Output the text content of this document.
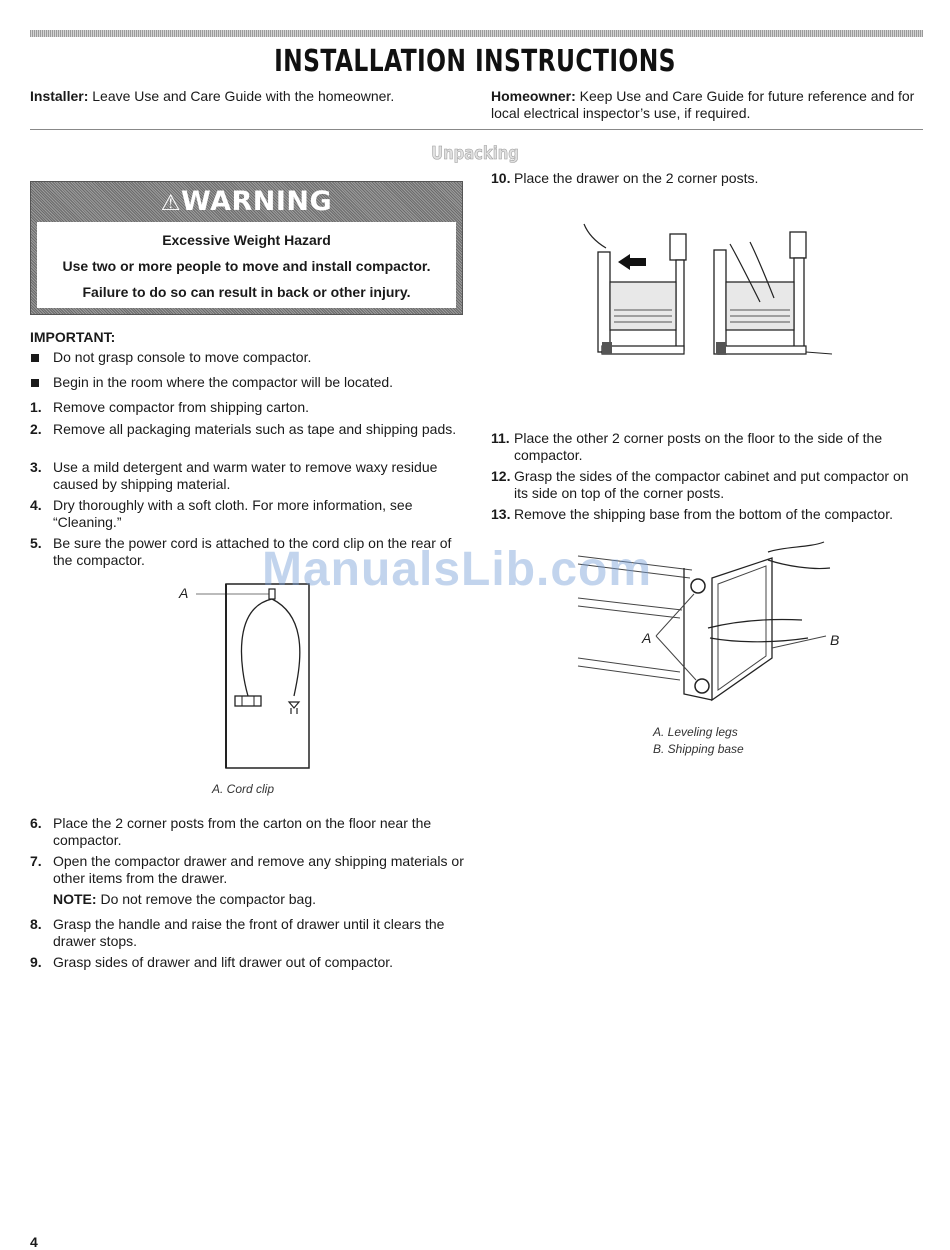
INSTALLATION INSTRUCTIONS
Installer: Leave Use and Care Guide with the homeowner.	Homeowner: Keep Use and Care Guide for future reference and for local electrical inspector’s use, if required.
Unpacking
⚠WARNING
Excessive Weight Hazard
Use two or more people to move and install compactor.
Failure to do so can result in back or other injury.
IMPORTANT:
Do not grasp console to move compactor.
Begin in the room where the compactor will be located.
1. Remove compactor from shipping carton.
2. Remove all packaging materials such as tape and shipping pads.
3. Use a mild detergent and warm water to remove waxy residue caused by shipping material.
4. Dry thoroughly with a soft cloth. For more information, see “Cleaning.”
5. Be sure the power cord is attached to the cord clip on the rear of the compactor.
A
A. Cord clip
6. Place the 2 corner posts from the carton on the floor near the compactor.
7. Open the compactor drawer and remove any shipping materials or other items from the drawer.
NOTE: Do not remove the compactor bag.
8. Grasp the handle and raise the front of drawer until it clears the drawer stops.
9. Grasp sides of drawer and lift drawer out of compactor.
10. Place the drawer on the 2 corner posts.
11. Place the other 2 corner posts on the floor to the side of the compactor.
12. Grasp the sides of the compactor cabinet and put compactor on its side on top of the corner posts.
13. Remove the shipping base from the bottom of the compactor.
A	B
A. Leveling legs
B. Shipping base
ManualsLib.com
4
